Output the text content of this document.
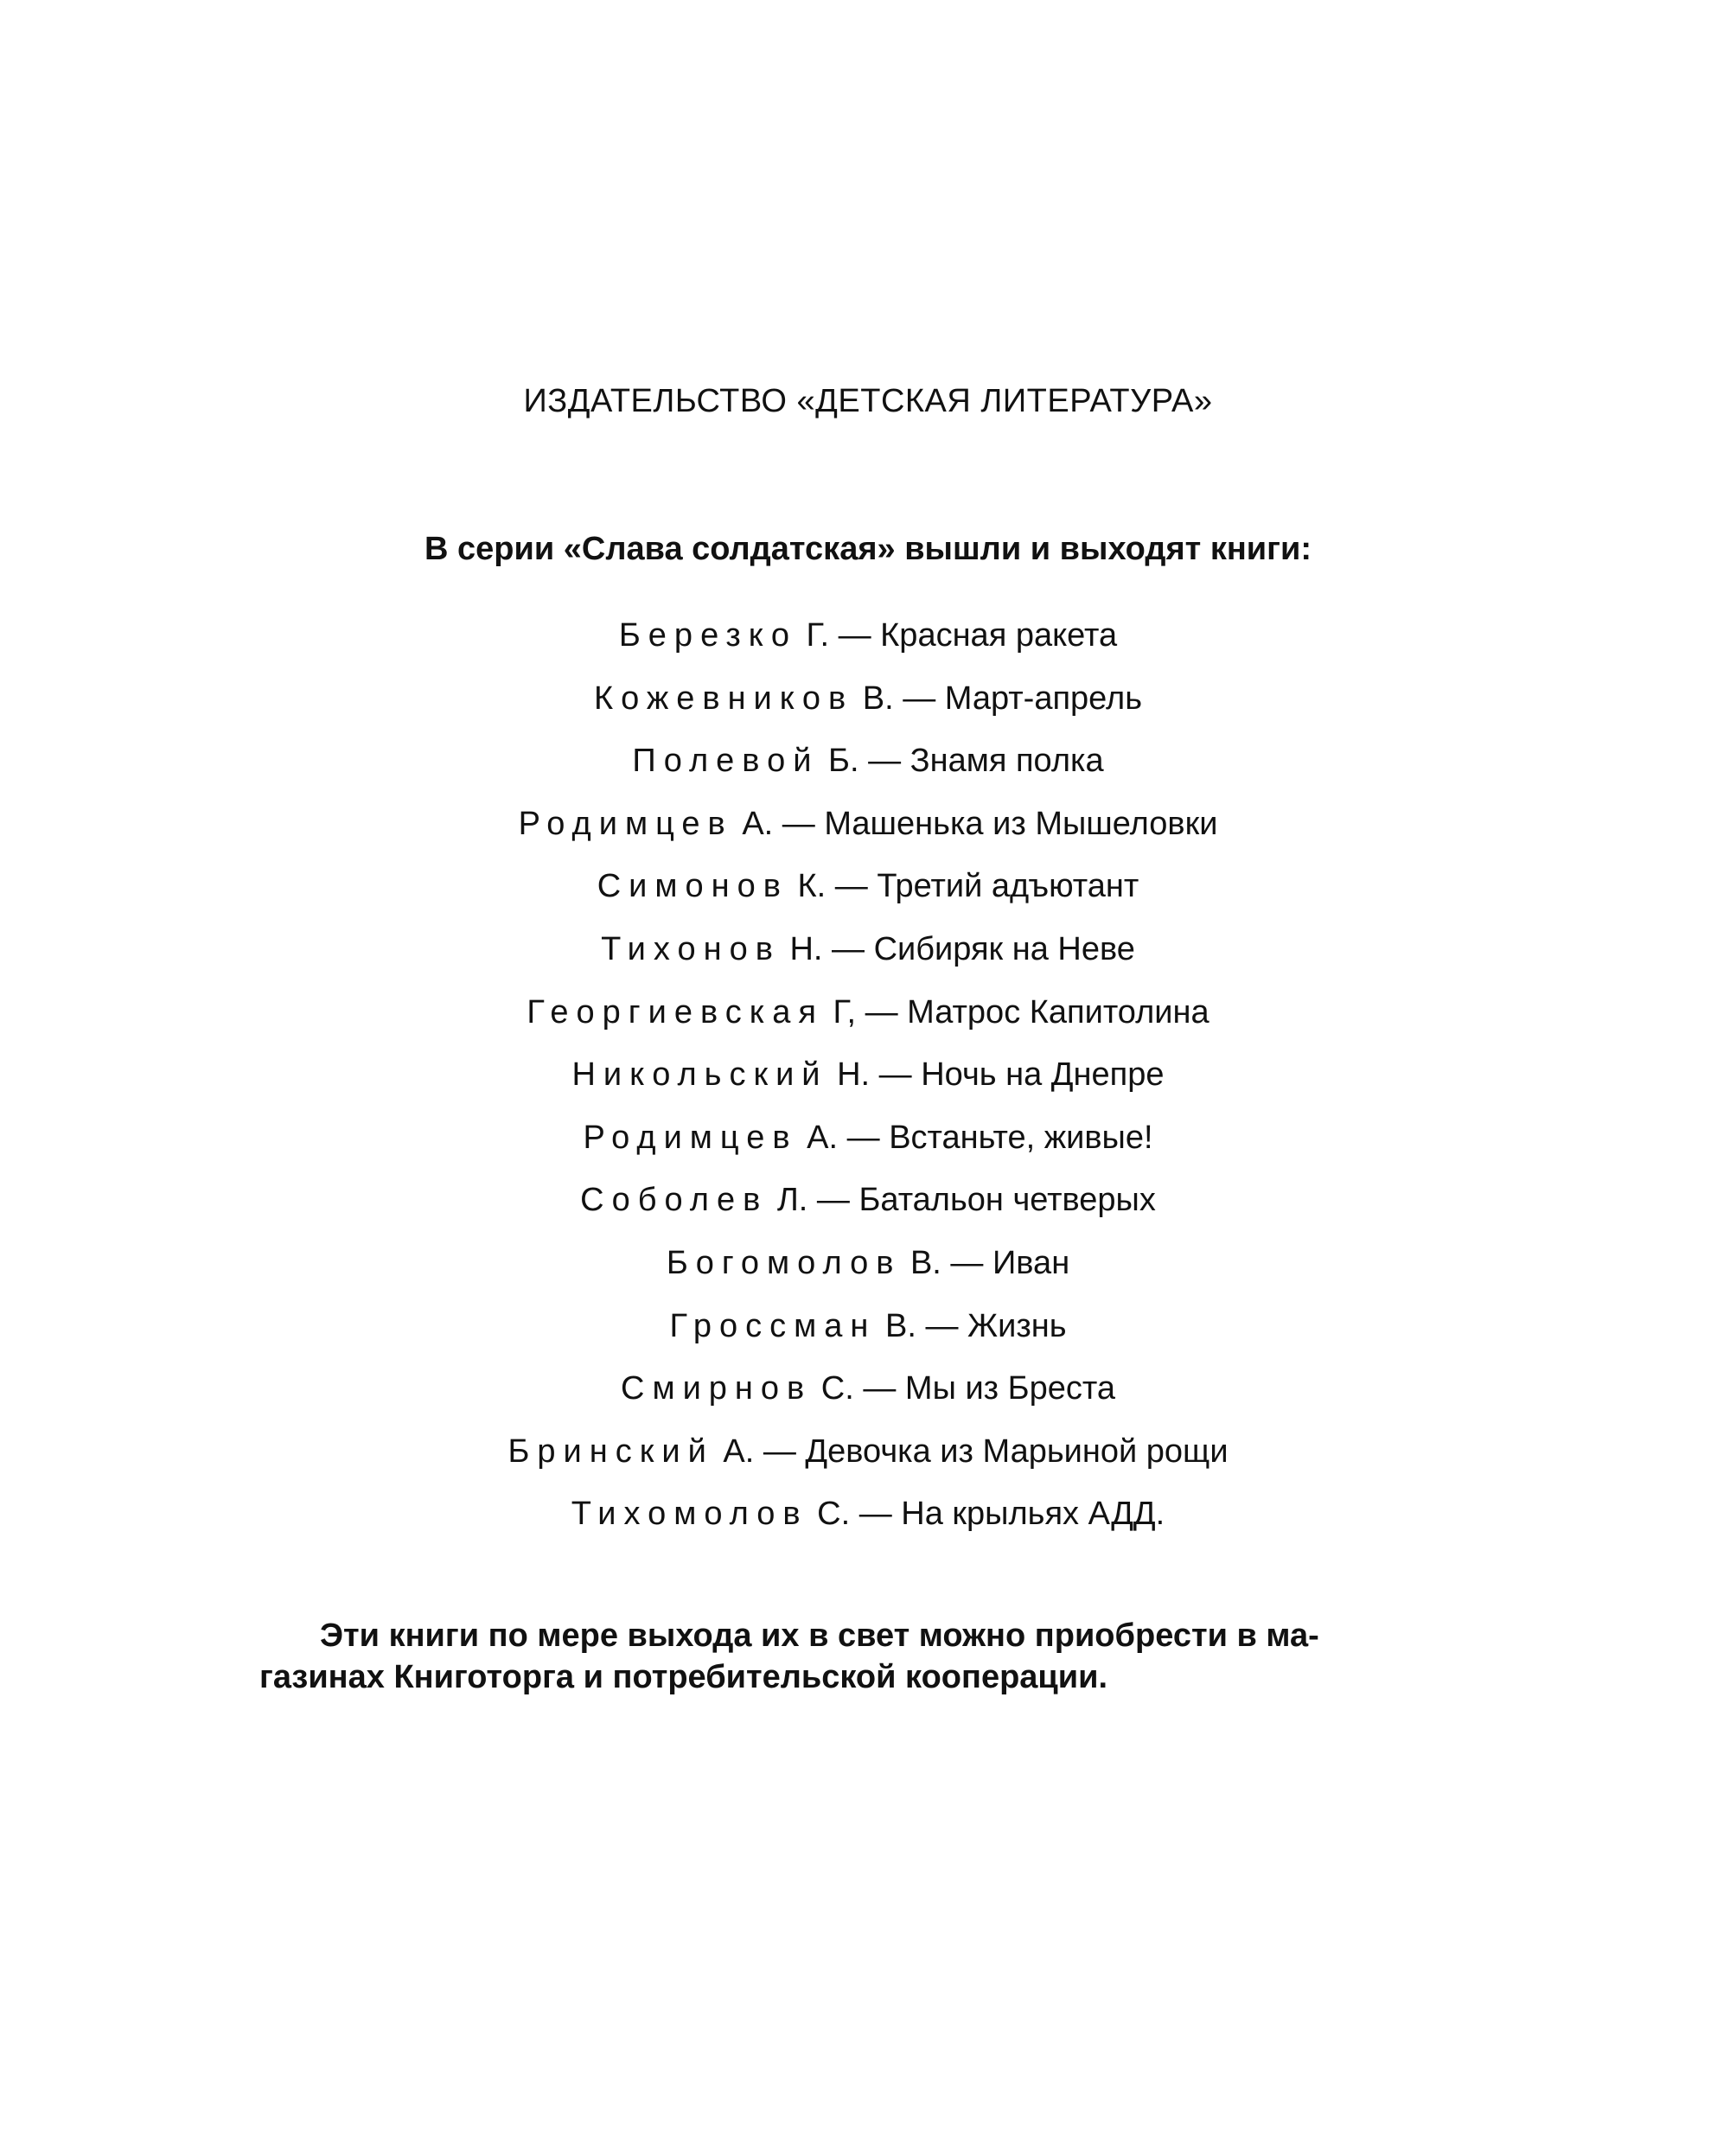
ИЗДАТЕЛЬСТВО «ДЕТСКАЯ ЛИТЕРАТУРА»
В серии «Слава солдатская» вышли и выходят книги:
Березко Г. — Красная ракета
Кожевников В. — Март-апрель
Полевой Б. — Знамя полка
Родимцев А. — Машенька из Мышеловки
Симонов К. — Третий адъютант
Тихонов Н. — Сибиряк на Неве
Георгиевская Г, — Матрос Капитолина
Никольский Н. — Ночь на Днепре
Родимцев А. — Встаньте, живые!
Соболев Л. — Батальон четверых
Богомолов В. — Иван
Гроссман В. — Жизнь
Смирнов С. — Мы из Бреста
Бринский А. — Девочка из Марьиной рощи
Тихомолов С. — На крыльях АДД.
Эти книги по мере выхода их в свет можно приобрести в ма-
газинах Книготорга и потребительской кооперации.
